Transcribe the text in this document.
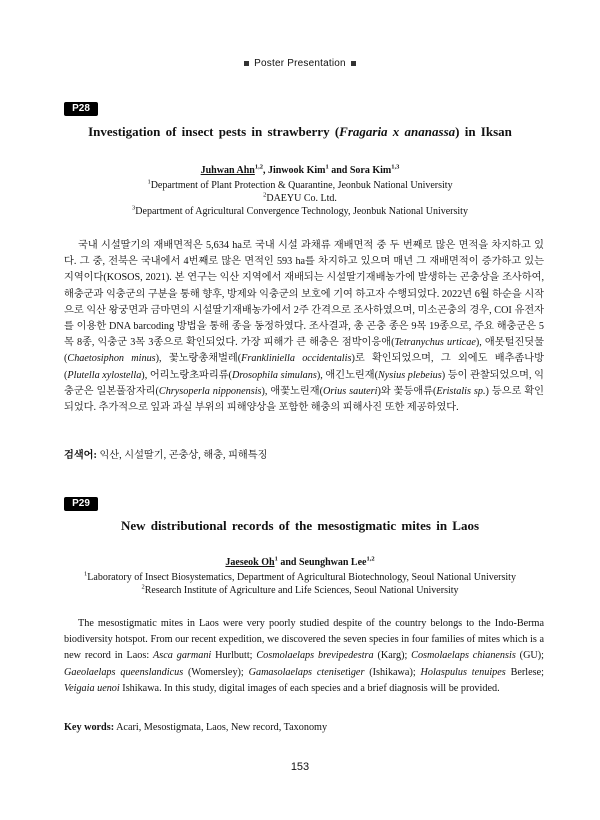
Poster Presentation
P28
Investigation of insect pests in strawberry (Fragaria x ananassa) in Iksan
Juhwan Ahn$^{1,2}$, Jinwook Kim$^1$ and Sora Kim$^{1,3}$
$^1$Department of Plant Protection & Quarantine, Jeonbuk National University
$^2$DAEYU Co. Ltd.
$^3$Department of Agricultural Convergence Technology, Jeonbuk National University
국내 시설딸기의 재배면적은 5,634 ha로 국내 시설 과채류 재배면적 중 두 번째로 많은 면적을 차지하고 있다. 그 중, 전북은 국내에서 4번째로 많은 면적인 593 ha를 차지하고 있으며 매년 그 재배면적이 증가하고 있는 지역이다(KOSOS, 2021). 본 연구는 익산 지역에서 재배되는 시설딸기재배농가에 발생하는 곤충상을 조사하여, 해충군과 익충군의 구분을 통해 향후, 방제와 익충군의 보호에 기여 하고자 수행되었다. 2022년 6월 하순을 시작으로 익산 왕궁면과 금마면의 시설딸기재배농가에서 2주 간격으로 조사하였으며, 미소곤충의 경우, COI 유전자를 이용한 DNA barcoding 방법을 통해 종을 동정하였다. 조사결과, 총 곤충 종은 9목 19종으로, 주요 해충군은 5목 8종, 익충군 3목 3종으로 확인되었다. 가장 피해가 큰 해충은 점박이응애(Tetranychus urticae), 애못털진딧물(Chaetosiphon minus), 꽃노랑총채벌레(Frankliniella occidentalis)로 확인되었으며, 그 외에도 배추좀나방(Plutella xylostella), 어리노랑초파리류(Drosophila simulans), 애긴노린재(Nysius plebeius) 등이 관찰되었으며, 익충군은 일본풀잠자리(Chrysoperla nipponensis), 애꽃노린재(Orius sauteri)와 꽃등애류(Eristalis sp.) 등으로 확인되었다. 추가적으로 잎과 과실 부위의 피해양상을 포함한 해충의 피해사진 또한 제공하였다.
검색어: 익산, 시설딸기, 곤충상, 해충, 피해특징
P29
New distributional records of the mesostigmatic mites in Laos
Jaeseok Oh$^1$ and Seunghwan Lee$^{1,2}$
$^1$Laboratory of Insect Biosystematics, Department of Agricultural Biotechnology, Seoul National University
$^2$Research Institute of Agriculture and Life Sciences, Seoul National University
The mesostigmatic mites in Laos were very poorly studied despite of the country belongs to the Indo-Berma biodiversity hotspot. From our recent expedition, we discovered the seven species in four families of mites which is a new record in Laos: Asca garmani Hurlbutt; Cosmolaelaps brevipedestra (Karg); Cosmolaelaps chianensis (GU); Gaeolaelaps queenslandicus (Womersley); Gamasolaelaps ctenisetiger (Ishikawa); Holaspulus tenuipes Berlese; Veigaia uenoi Ishikawa. In this study, digital images of each species and a brief diagnosis will be provided.
Key words: Acari, Mesostigmata, Laos, New record, Taxonomy
153
